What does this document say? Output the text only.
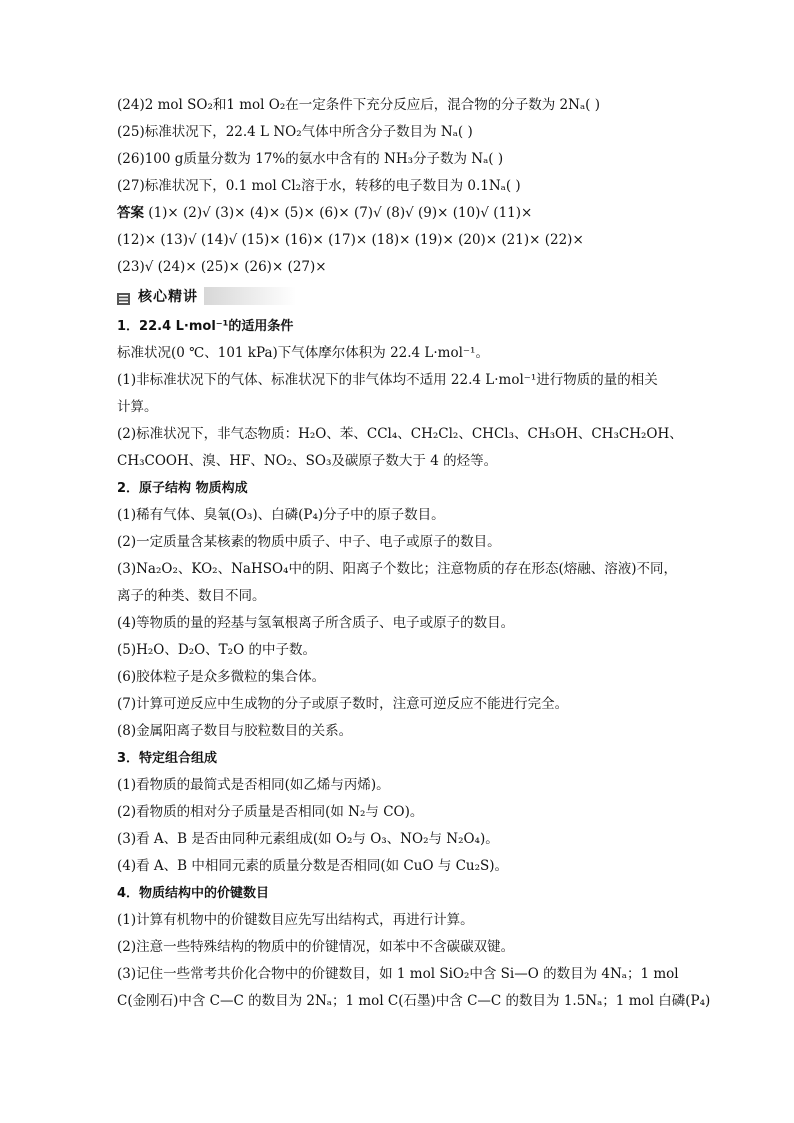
(24)2 mol SO₂和1 mol O₂在一定条件下充分反应后，混合物的分子数为 2Nₐ( )
(25)标准状况下，22.4 L NO₂气体中所含分子数目为 Nₐ( )
(26)100 g质量分数为 17%的氨水中含有的 NH₃分子数为 Nₐ( )
(27)标准状况下，0.1 mol Cl₂溶于水，转移的电子数目为 0.1Nₐ( )
答案 (1)× (2)√ (3)× (4)× (5)× (6)× (7)√ (8)√ (9)× (10)√ (11)×
(12)× (13)√ (14)√ (15)× (16)× (17)× (18)× (19)× (20)× (21)× (22)×
(23)√ (24)× (25)× (26)× (27)×
核心精讲
1．22.4 L·mol⁻¹的适用条件
标准状况(0 ℃、101 kPa)下气体摩尔体积为 22.4 L·mol⁻¹。
(1)非标准状况下的气体、标准状况下的非气体均不适用 22.4 L·mol⁻¹进行物质的量的相关
计算。
(2)标准状况下，非气态物质：H₂O、苯、CCl₄、CH₂Cl₂、CHCl₃、CH₃OH、CH₃CH₂OH、
CH₃COOH、溴、HF、NO₂、SO₃及碳原子数大于 4 的烃等。
2．原子结构 物质构成
(1)稀有气体、臭氧(O₃)、白磷(P₄)分子中的原子数目。
(2)一定质量含某核素的物质中质子、中子、电子或原子的数目。
(3)Na₂O₂、KO₂、NaHSO₄中的阴、阳离子个数比；注意物质的存在形态(熔融、溶液)不同，
离子的种类、数目不同。
(4)等物质的量的羟基与氢氧根离子所含质子、电子或原子的数目。
(5)H₂O、D₂O、T₂O 的中子数。
(6)胶体粒子是众多微粒的集合体。
(7)计算可逆反应中生成物的分子或原子数时，注意可逆反应不能进行完全。
(8)金属阳离子数目与胶粒数目的关系。
3．特定组合组成
(1)看物质的最简式是否相同(如乙烯与丙烯)。
(2)看物质的相对分子质量是否相同(如 N₂与 CO)。
(3)看 A、B 是否由同种元素组成(如 O₂与 O₃、NO₂与 N₂O₄)。
(4)看 A、B 中相同元素的质量分数是否相同(如 CuO 与 Cu₂S)。
4．物质结构中的价键数目
(1)计算有机物中的价键数目应先写出结构式，再进行计算。
(2)注意一些特殊结构的物质中的价键情况，如苯中不含碳碳双键。
(3)记住一些常考共价化合物中的价键数目，如 1 mol SiO₂中含 Si—O 的数目为 4Nₐ；1 mol
C(金刚石)中含 C—C 的数目为 2Nₐ；1 mol C(石墨)中含 C—C 的数目为 1.5Nₐ；1 mol 白磷(P₄)
